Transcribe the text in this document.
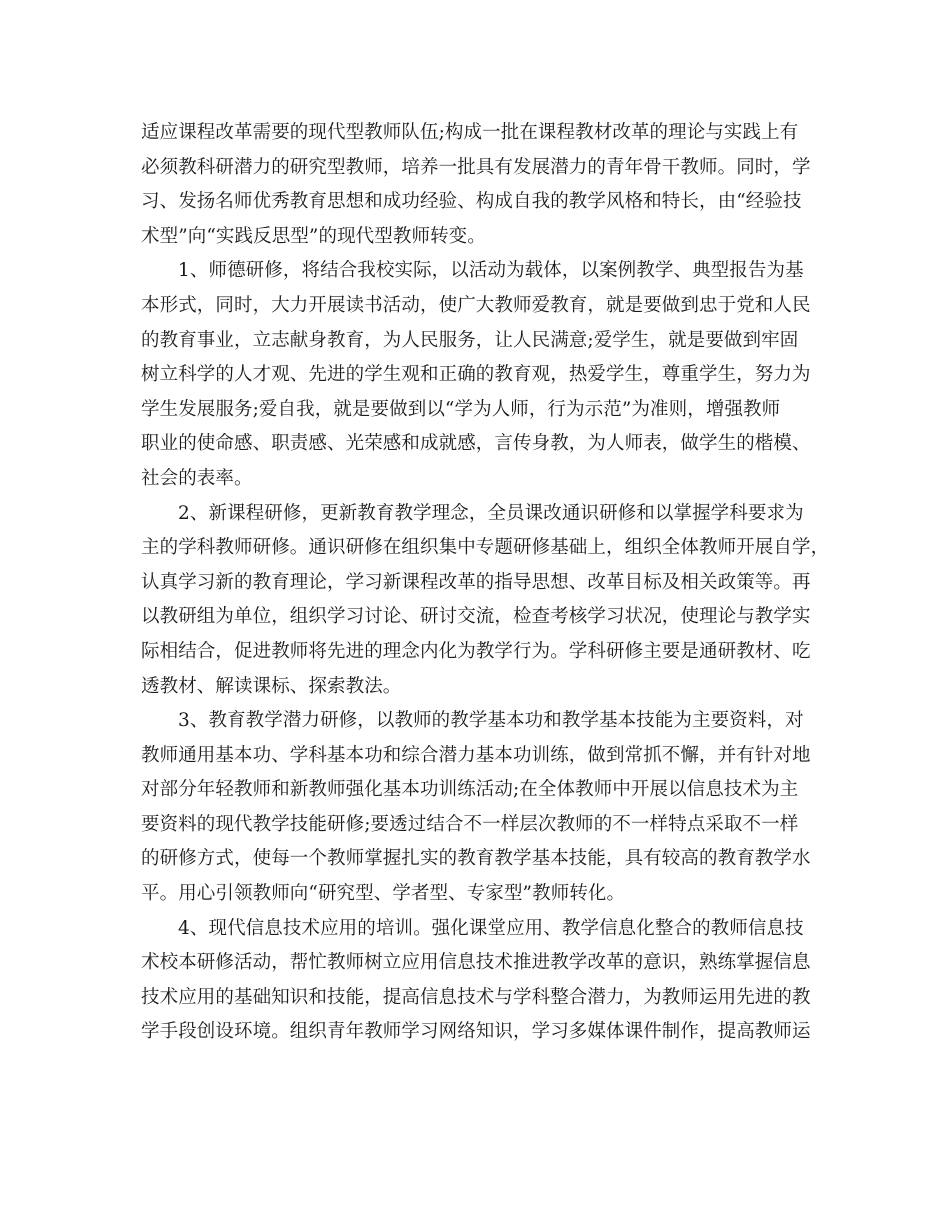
适应课程改革需要的现代型教师队伍;构成一批在课程教材改革的理论与实践上有
必须教科研潜力的研究型教师，培养一批具有发展潜力的青年骨干教师。同时，学
习、发扬名师优秀教育思想和成功经验、构成自我的教学风格和特长，由“经验技
术型”向“实践反思型”的现代型教师转变。
1、师德研修，将结合我校实际，以活动为载体，以案例教学、典型报告为基
本形式，同时，大力开展读书活动，使广大教师爱教育，就是要做到忠于党和人民
的教育事业，立志献身教育，为人民服务，让人民满意;爱学生，就是要做到牢固
树立科学的人才观、先进的学生观和正确的教育观，热爱学生，尊重学生，努力为
学生发展服务;爱自我，就是要做到以“学为人师，行为示范”为准则，增强教师
职业的使命感、职责感、光荣感和成就感，言传身教，为人师表，做学生的楷模、
社会的表率。
2、新课程研修，更新教育教学理念，全员课改通识研修和以掌握学科要求为
主的学科教师研修。通识研修在组织集中专题研修基础上，组织全体教师开展自学，
认真学习新的教育理论，学习新课程改革的指导思想、改革目标及相关政策等。再
以教研组为单位，组织学习讨论、研讨交流，检查考核学习状况，使理论与教学实
际相结合，促进教师将先进的理念内化为教学行为。学科研修主要是通研教材、吃
透教材、解读课标、探索教法。
3、教育教学潜力研修，以教师的教学基本功和教学基本技能为主要资料，对
教师通用基本功、学科基本功和综合潜力基本功训练，做到常抓不懈，并有针对地
对部分年轻教师和新教师强化基本功训练活动;在全体教师中开展以信息技术为主
要资料的现代教学技能研修;要透过结合不一样层次教师的不一样特点采取不一样
的研修方式，使每一个教师掌握扎实的教育教学基本技能，具有较高的教育教学水
平。用心引领教师向“研究型、学者型、专家型”教师转化。
4、现代信息技术应用的培训。强化课堂应用、教学信息化整合的教师信息技
术校本研修活动，帮忙教师树立应用信息技术推进教学改革的意识，熟练掌握信息
技术应用的基础知识和技能，提高信息技术与学科整合潜力，为教师运用先进的教
学手段创设环境。组织青年教师学习网络知识，学习多媒体课件制作，提高教师运
